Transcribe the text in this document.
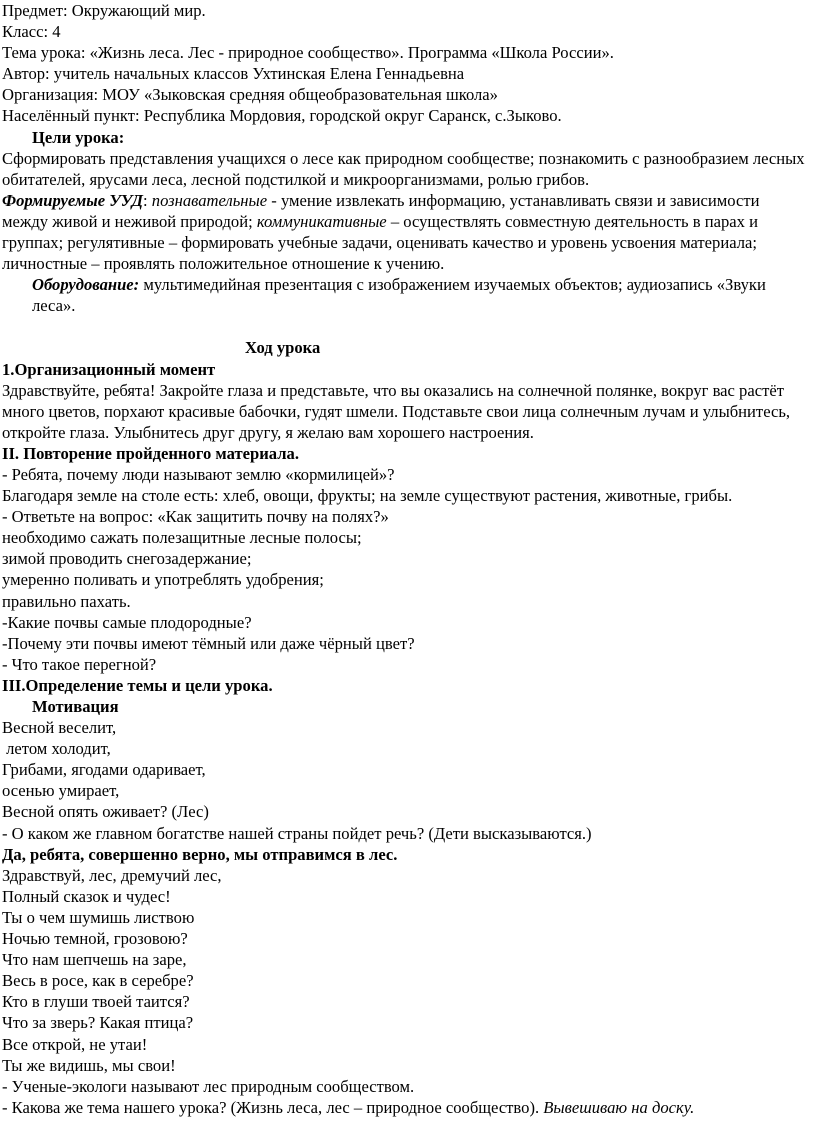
Предмет: Окружающий мир.

Класс: 4

Тема урока: «Жизнь леса. Лес - природное сообщество». Программа «Школа России».

Автор: учитель начальных классов Ухтинская Елена Геннадьевна

Организация: МОУ «Зыковская средняя общеобразовательная школа»

Населённый пункт: Республика Мордовия, городской округ Саранск, с.Зыково.

Цели урока:

Сформировать представления учащихся о лесе как природном сообществе; познакомить с разнообразием лесных обитателей, ярусами леса, лесной подстилкой и микроорганизмами, ролью грибов.

Формируемые УУД: познавательные - умение извлекать информацию, устанавливать связи и зависимости между живой и неживой природой; коммуникативные – осуществлять совместную деятельность в парах и группах; регулятивные – формировать учебные задачи, оценивать качество и уровень усвоения материала; личностные – проявлять положительное отношение к учению.

Оборудование: мультимедийная презентация с изображением изучаемых объектов; аудиозапись «Звуки леса».

Ход урока

1.Организационный момент

Здравствуйте, ребята! Закройте глаза и представьте, что вы оказались на солнечной полянке, вокруг вас растёт много цветов, порхают красивые бабочки, гудят шмели. Подставьте свои лица солнечным лучам и улыбнитесь, откройте глаза. Улыбнитесь друг другу, я желаю вам хорошего настроения.

II. Повторение пройденного материала.

- Ребята, почему люди называют землю «кормилицей»?

Благодаря земле на столе есть: хлеб, овощи, фрукты; на земле существуют растения, животные, грибы.

- Ответьте на вопрос: «Как защитить почву на полях?»

необходимо сажать полезащитные лесные полосы;

зимой проводить снегозадержание;

умеренно поливать и употреблять удобрения;

правильно пахать.

-Какие почвы самые плодородные?

-Почему эти почвы имеют тёмный или даже чёрный цвет?

- Что такое перегной?

III.Определение темы и цели урока.

Мотивация

Весной веселит,

летом холодит,

Грибами, ягодами одаривает,

осенью умирает,

Весной опять оживает? (Лес)

- О каком же главном богатстве нашей страны пойдет речь? (Дети высказываются.)

Да, ребята, совершенно верно, мы отправимся в лес.

Здравствуй, лес, дремучий лес,

Полный сказок и чудес!

Ты о чем шумишь листвою

Ночью темной, грозовою?

Что нам шепчешь на заре,

Весь в росе, как в серебре?

Кто в глуши твоей таится?

Что за зверь? Какая птица?

Все открой, не утаи!

Ты же видишь, мы свои!

- Ученые-экологи называют лес природным сообществом.

- Какова же тема нашего урока? (Жизнь леса, лес – природное сообщество). Вывешиваю на доску.
